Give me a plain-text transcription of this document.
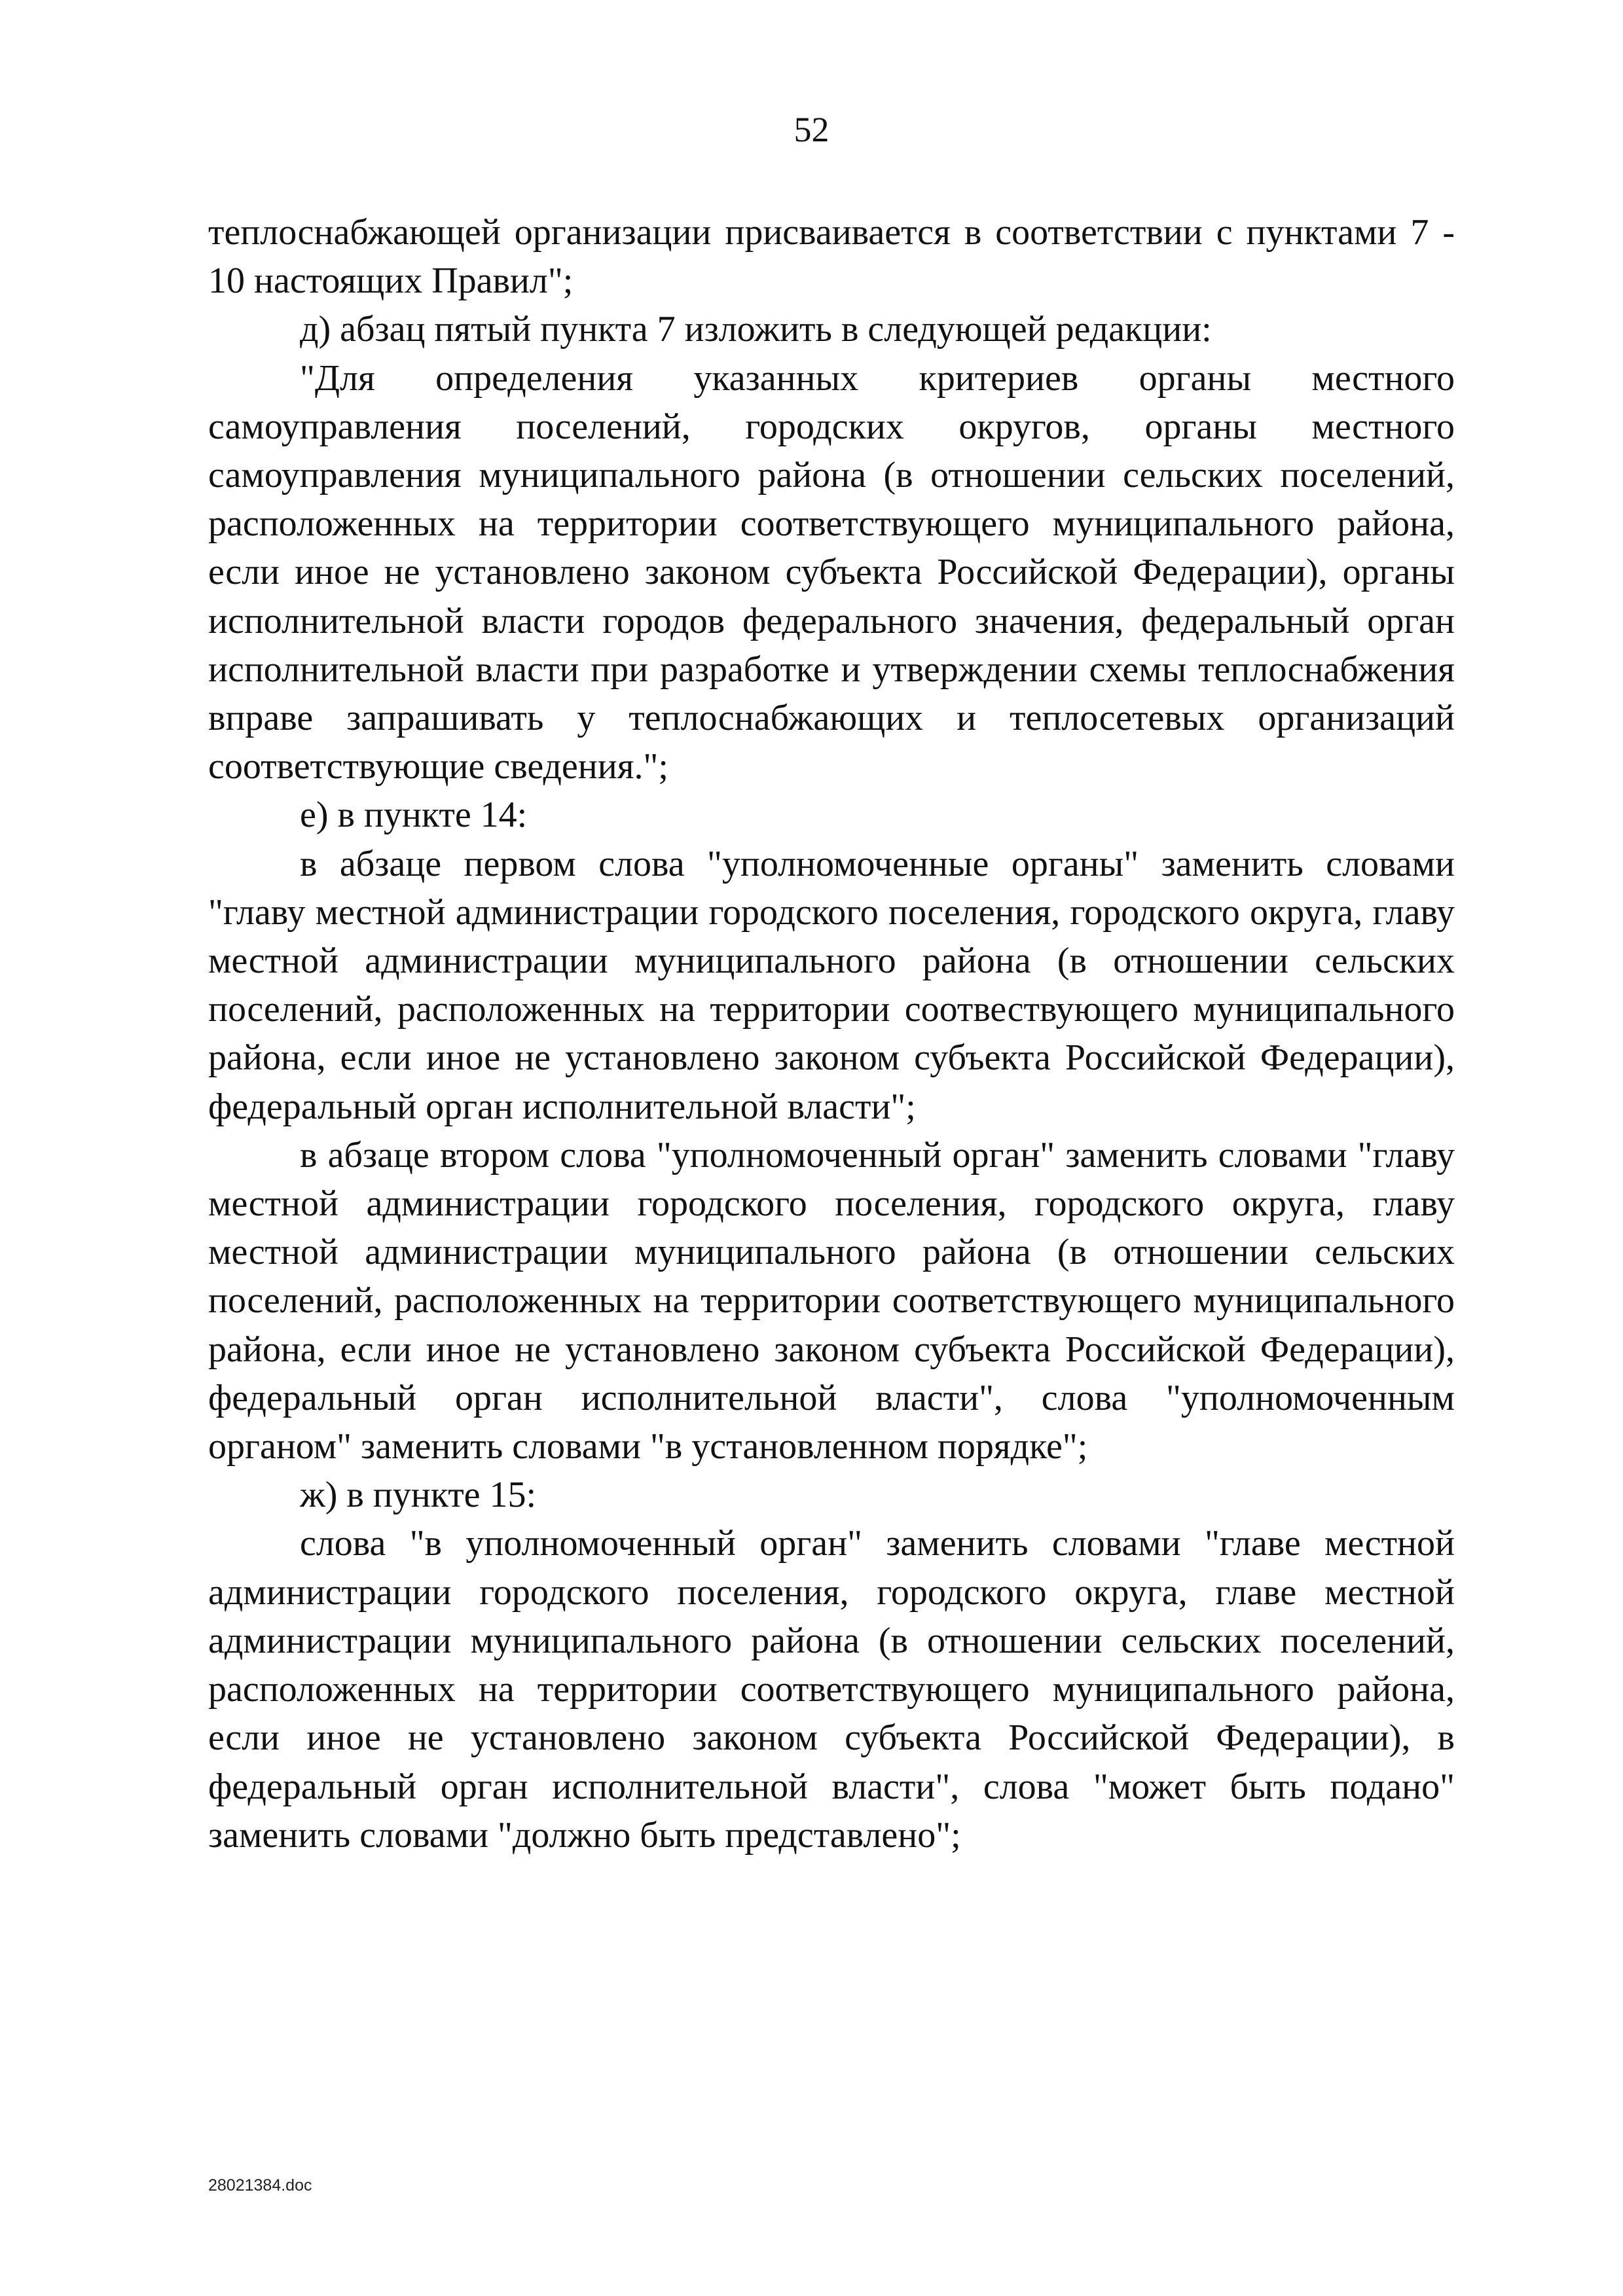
52

теплоснабжающей организации присваивается в соответствии с пунктами 7 - 10 настоящих Правил";

д) абзац пятый пункта 7 изложить в следующей редакции:

"Для определения указанных критериев органы местного самоуправления поселений, городских округов, органы местного самоуправления муниципального района (в отношении сельских поселений, расположенных на территории соответствующего муниципального района, если иное не установлено законом субъекта Российской Федерации), органы исполнительной власти городов федерального значения, федеральный орган исполнительной власти при разработке и утверждении схемы теплоснабжения вправе запрашивать у теплоснабжающих и теплосетевых организаций соответствующие сведения.";

е) в пункте 14:

в абзаце первом слова "уполномоченные органы" заменить словами "главу местной администрации городского поселения, городского округа, главу местной администрации муниципального района (в отношении сельских поселений, расположенных на территории соотвествующего муниципального района, если иное не установлено законом субъекта Российской Федерации), федеральный орган исполнительной власти";

в абзаце втором слова "уполномоченный орган" заменить словами "главу местной администрации городского поселения, городского округа, главу местной администрации муниципального района (в отношении сельских поселений, расположенных на территории соответствующего муниципального района, если иное не установлено законом субъекта Российской Федерации), федеральный орган исполнительной власти", слова "уполномоченным органом" заменить словами "в установленном порядке";

ж) в пункте 15:

слова "в уполномоченный орган" заменить словами "главе местной администрации городского поселения, городского округа, главе местной администрации муниципального района (в отношении сельских поселений, расположенных на территории соответствующего муниципального района, если иное не установлено законом субъекта Российской Федерации), в федеральный орган исполнительной власти", слова "может быть подано" заменить словами "должно быть представлено";

28021384.doc
